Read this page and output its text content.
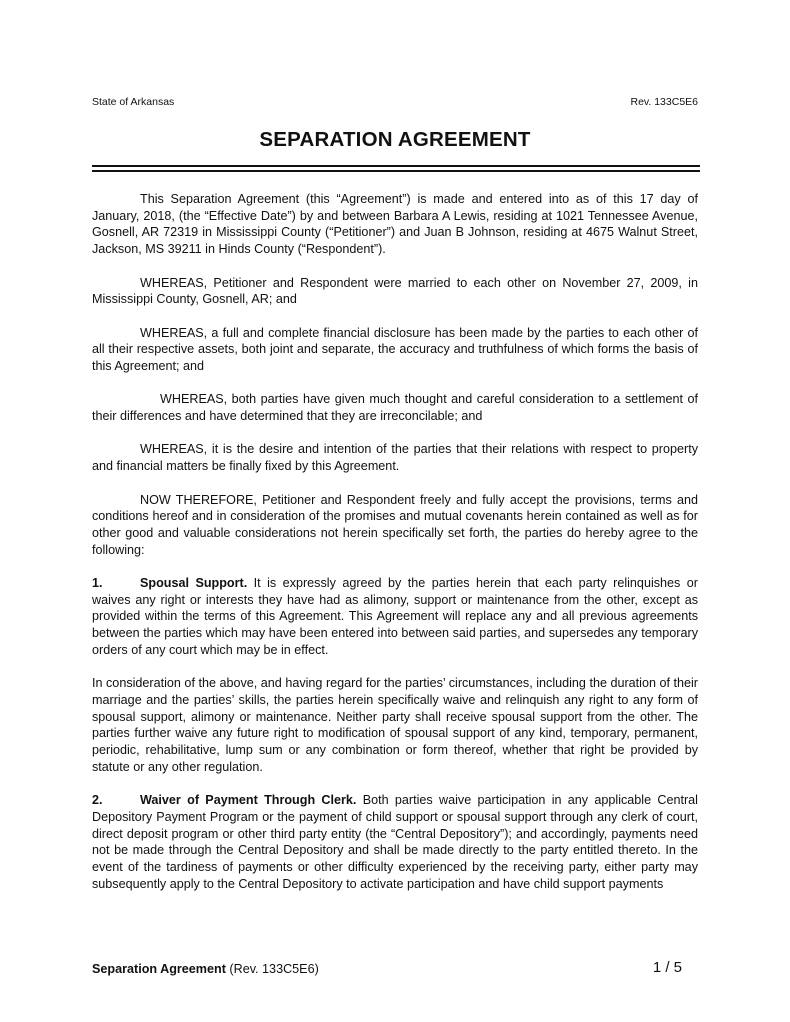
State of Arkansas	Rev. 133C5E6
SEPARATION AGREEMENT

This Separation Agreement (this “Agreement”) is made and entered into as of this 17 day of January, 2018, (the “Effective Date”) by and between Barbara A Lewis, residing at 1021 Tennessee Avenue, Gosnell, AR 72319 in Mississippi County (“Petitioner”) and Juan B Johnson, residing at 4675 Walnut Street, Jackson, MS 39211 in Hinds County (“Respondent”).

WHEREAS, Petitioner and Respondent were married to each other on November 27, 2009, in Mississippi County, Gosnell, AR; and

WHEREAS, a full and complete financial disclosure has been made by the parties to each other of all their respective assets, both joint and separate, the accuracy and truthfulness of which forms the basis of this Agreement; and

WHEREAS, both parties have given much thought and careful consideration to a settlement of their differences and have determined that they are irreconcilable; and

WHEREAS, it is the desire and intention of the parties that their relations with respect to property and financial matters be finally fixed by this Agreement.

NOW THEREFORE, Petitioner and Respondent freely and fully accept the provisions, terms and conditions hereof and in consideration of the promises and mutual covenants herein contained as well as for other good and valuable considerations not herein specifically set forth, the parties do hereby agree to the following:

1.	Spousal Support. It is expressly agreed by the parties herein that each party relinquishes or waives any right or interests they have had as alimony, support or maintenance from the other, except as provided within the terms of this Agreement. This Agreement will replace any and all previous agreements between the parties which may have been entered into between said parties, and supersedes any temporary orders of any court which may be in effect.

In consideration of the above, and having regard for the parties’ circumstances, including the duration of their marriage and the parties’ skills, the parties herein specifically waive and relinquish any right to any form of spousal support, alimony or maintenance. Neither party shall receive spousal support from the other. The parties further waive any future right to modification of spousal support of any kind, temporary, permanent, periodic, rehabilitative, lump sum or any combination or form thereof, whether that right be provided by statute or any other regulation.

2.	Waiver of Payment Through Clerk. Both parties waive participation in any applicable Central Depository Payment Program or the payment of child support or spousal support through any clerk of court, direct deposit program or other third party entity (the “Central Depository”); and accordingly, payments need not be made through the Central Depository and shall be made directly to the party entitled thereto. In the event of the tardiness of payments or other difficulty experienced by the receiving party, either party may subsequently apply to the Central Depository to activate participation and have child support payments

Separation Agreement (Rev. 133C5E6)	1 / 5
